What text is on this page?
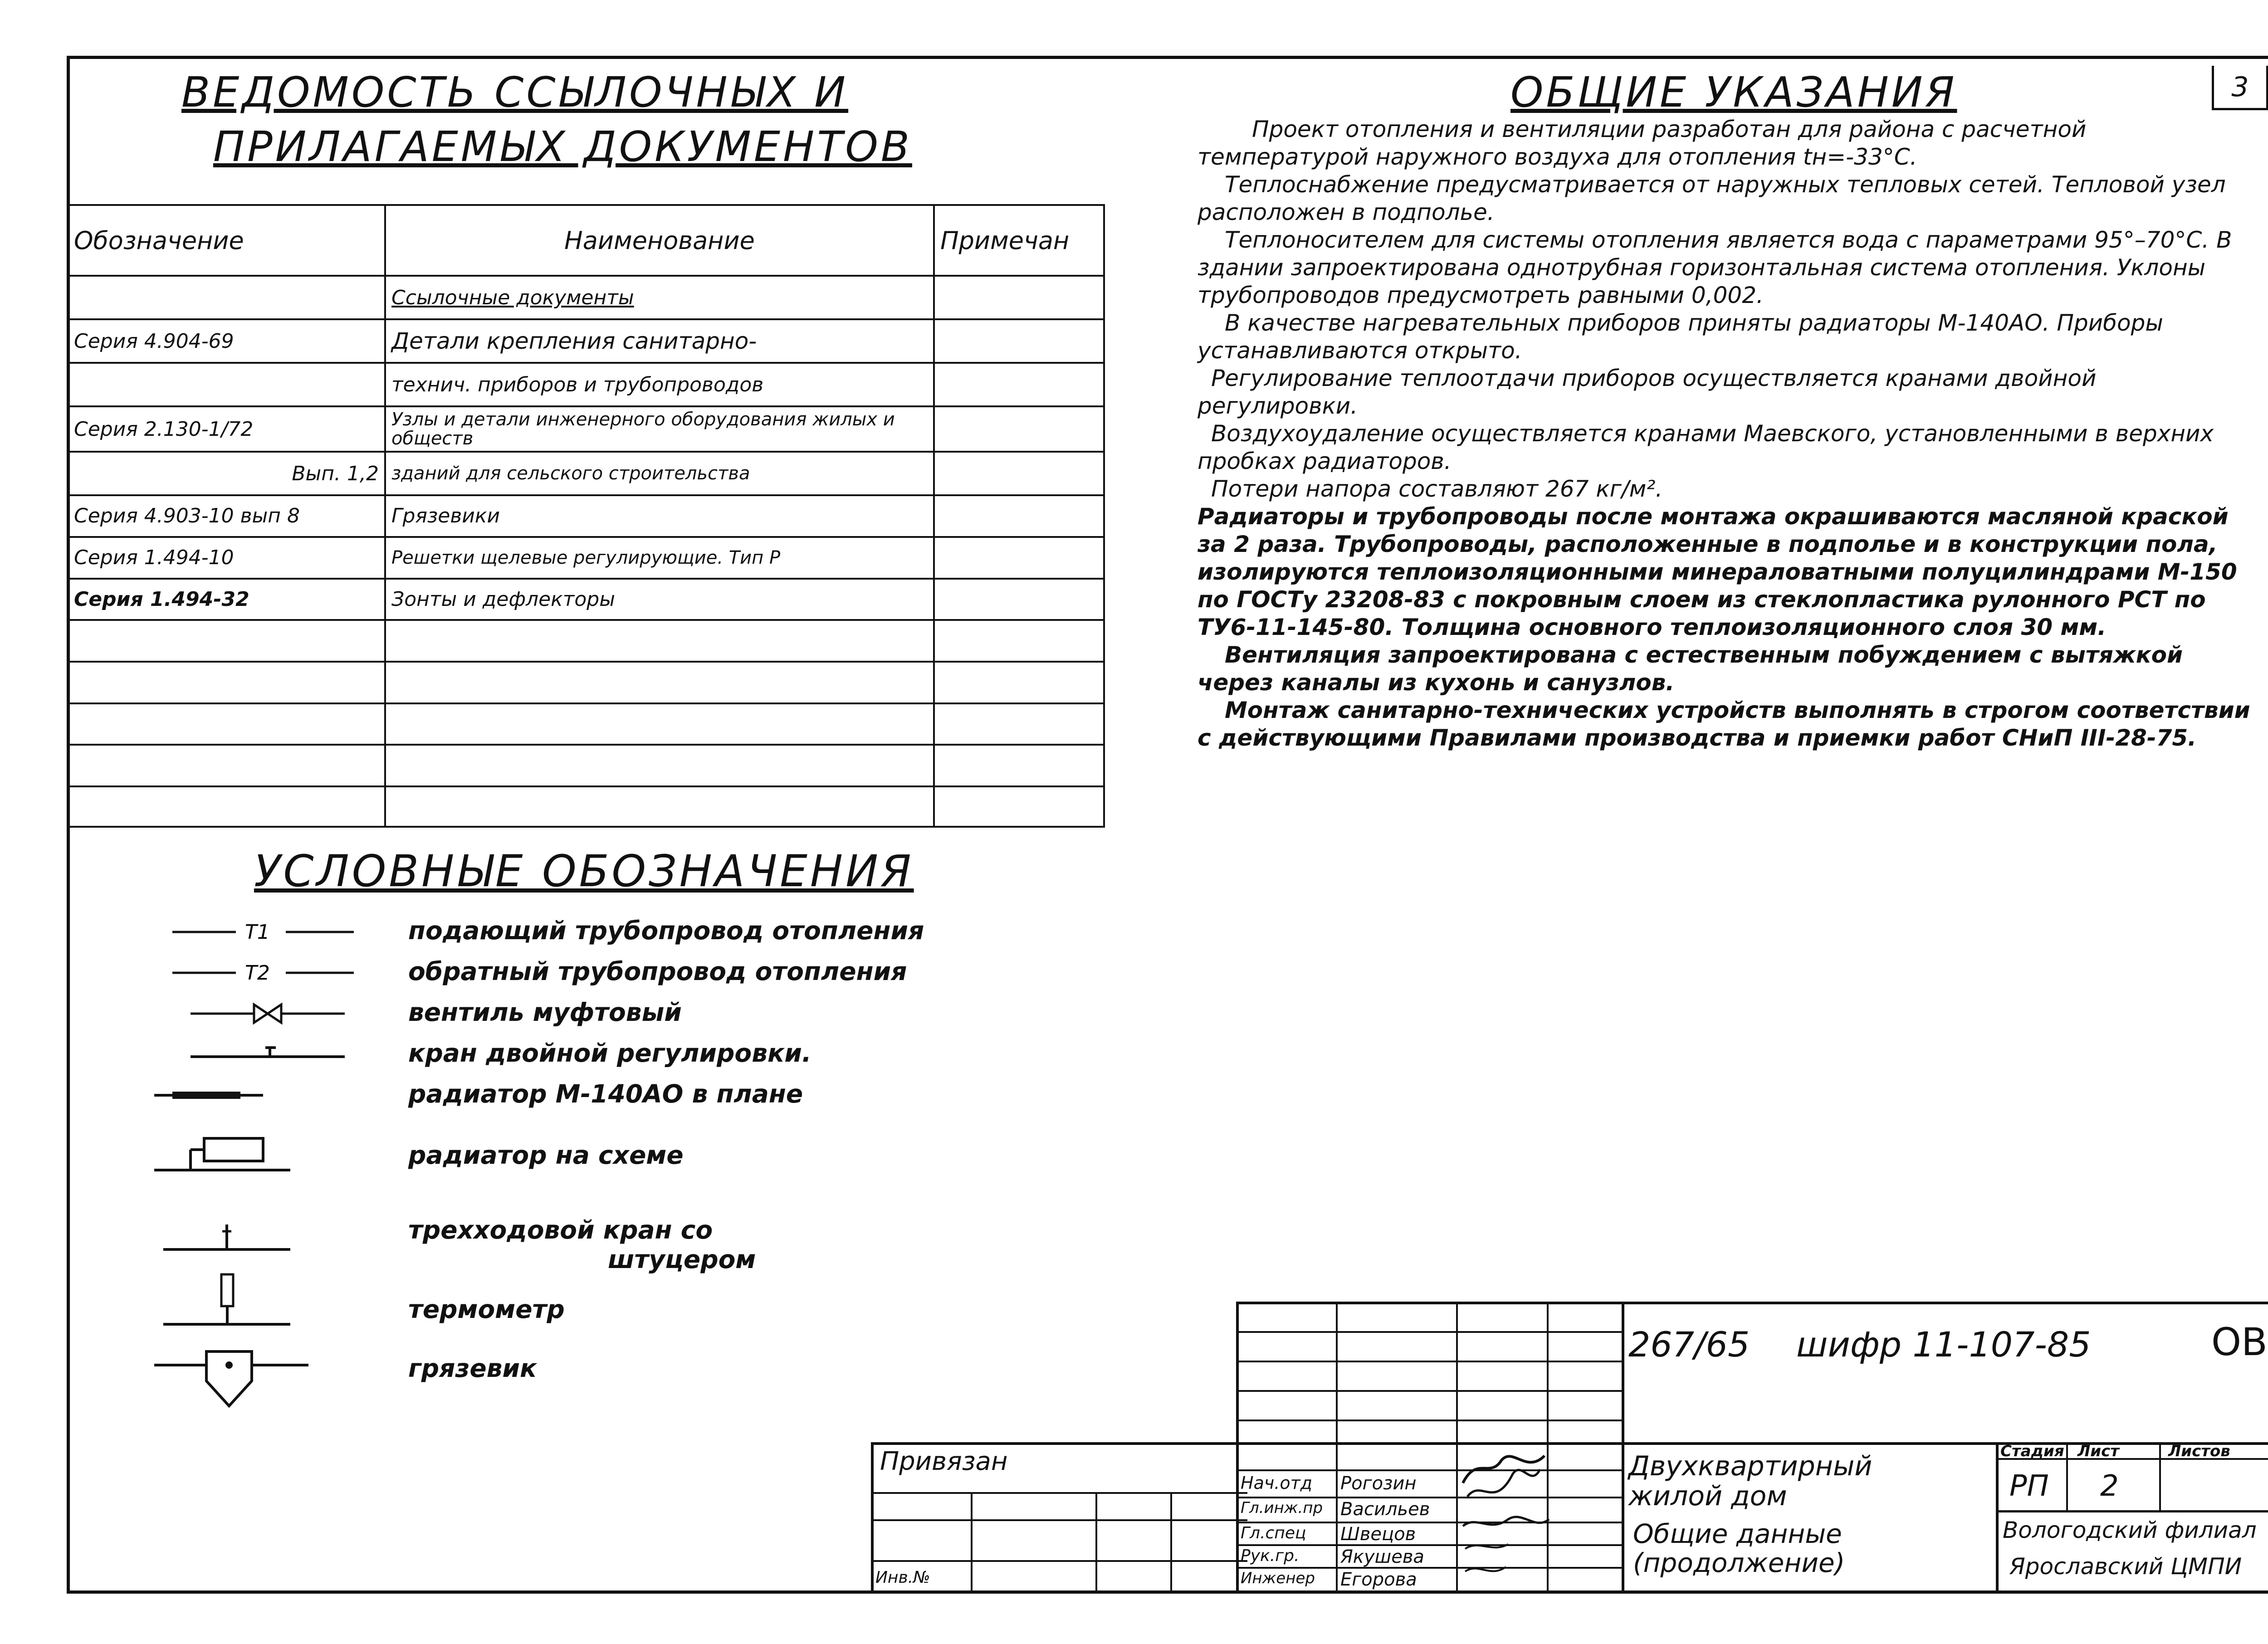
3
ВЕДОМОСТЬ ССЫЛОЧНЫХ И
ПРИЛАГАЕМЫХ ДОКУМЕНТОВ
Обозначение	Наименование	Примечан
	Ссылочные документы	
Серия 4.904-69	Детали крепления санитарно-	
	технич. приборов и трубопроводов	
Серия 2.130-1/72	Узлы и детали инженерного оборудования жилых и обществ	
Вып. 1,2	зданий для сельского строительства	
Серия 4.903-10 вып 8	Грязевики	
Серия 1.494-10	Решетки щелевые регулирующие. Тип Р	
Серия 1.494-32	Зонты и дефлекторы	

УСЛОВНЫЕ ОБОЗНАЧЕНИЯ
Т1	подающий трубопровод отопления
Т2	обратный трубопровод отопления
вентиль муфтовый
кран двойной регулировки.
радиатор М-140АО в плане
радиатор на схеме
трехходовой кран со
штуцером
термометр
грязевик
ОБЩИЕ УКАЗАНИЯ

Проект отопления и вентиляции разработан для района с расчетной температурой наружного воздуха для отопления tн=-33°C.

Теплоснабжение предусматривается от наружных тепловых сетей. Тепловой узел расположен в подполье.

Теплоносителем для системы отопления является вода с параметрами 95°–70°C. В здании запроектирована однотрубная горизонтальная система отопления. Уклоны трубопроводов предусмотреть равными 0,002.

В качестве нагревательных приборов приняты радиаторы М-140АО. Приборы устанавливаются открыто.

Регулирование теплоотдачи приборов осуществляется кранами двойной регулировки.

Воздухоудаление осуществляется кранами Маевского, установленными в верхних пробках радиаторов.

Потери напора составляют 267 кг/м².

Радиаторы и трубопроводы после монтажа окрашиваются масляной краской за 2 раза. Трубопроводы, расположенные в подполье и в конструкции пола, изолируются теплоизоляционными минераловатными полуцилиндрами М-150 по ГОСТу 23208-83 с покровным слоем из стеклопластика рулонного РСТ по ТУ6-11-145-80. Толщина основного теплоизоляционного слоя 30 мм.

Вентиляция запроектирована с естественным побуждением с вытяжкой через каналы из кухонь и санузлов.

Монтаж санитарно-технических устройств выполнять в строгом соответствии с действующими Правилами производства и приемки работ СНиП III-28-75.

267/65 шифр 11-107-85	ОВ
Привязан
Инв.№
Двухквартирный жилой дом
Общие данные (продолжение)
Стадия Лист	Листов
РП 2
Вологодский филиал
Ярославский ЦМПИ
Нач.отд Рогозин
Гл.инж.пр Васильев
Гл.спец Швецов
Рук.гр. Якушева
Инженер Егорова
